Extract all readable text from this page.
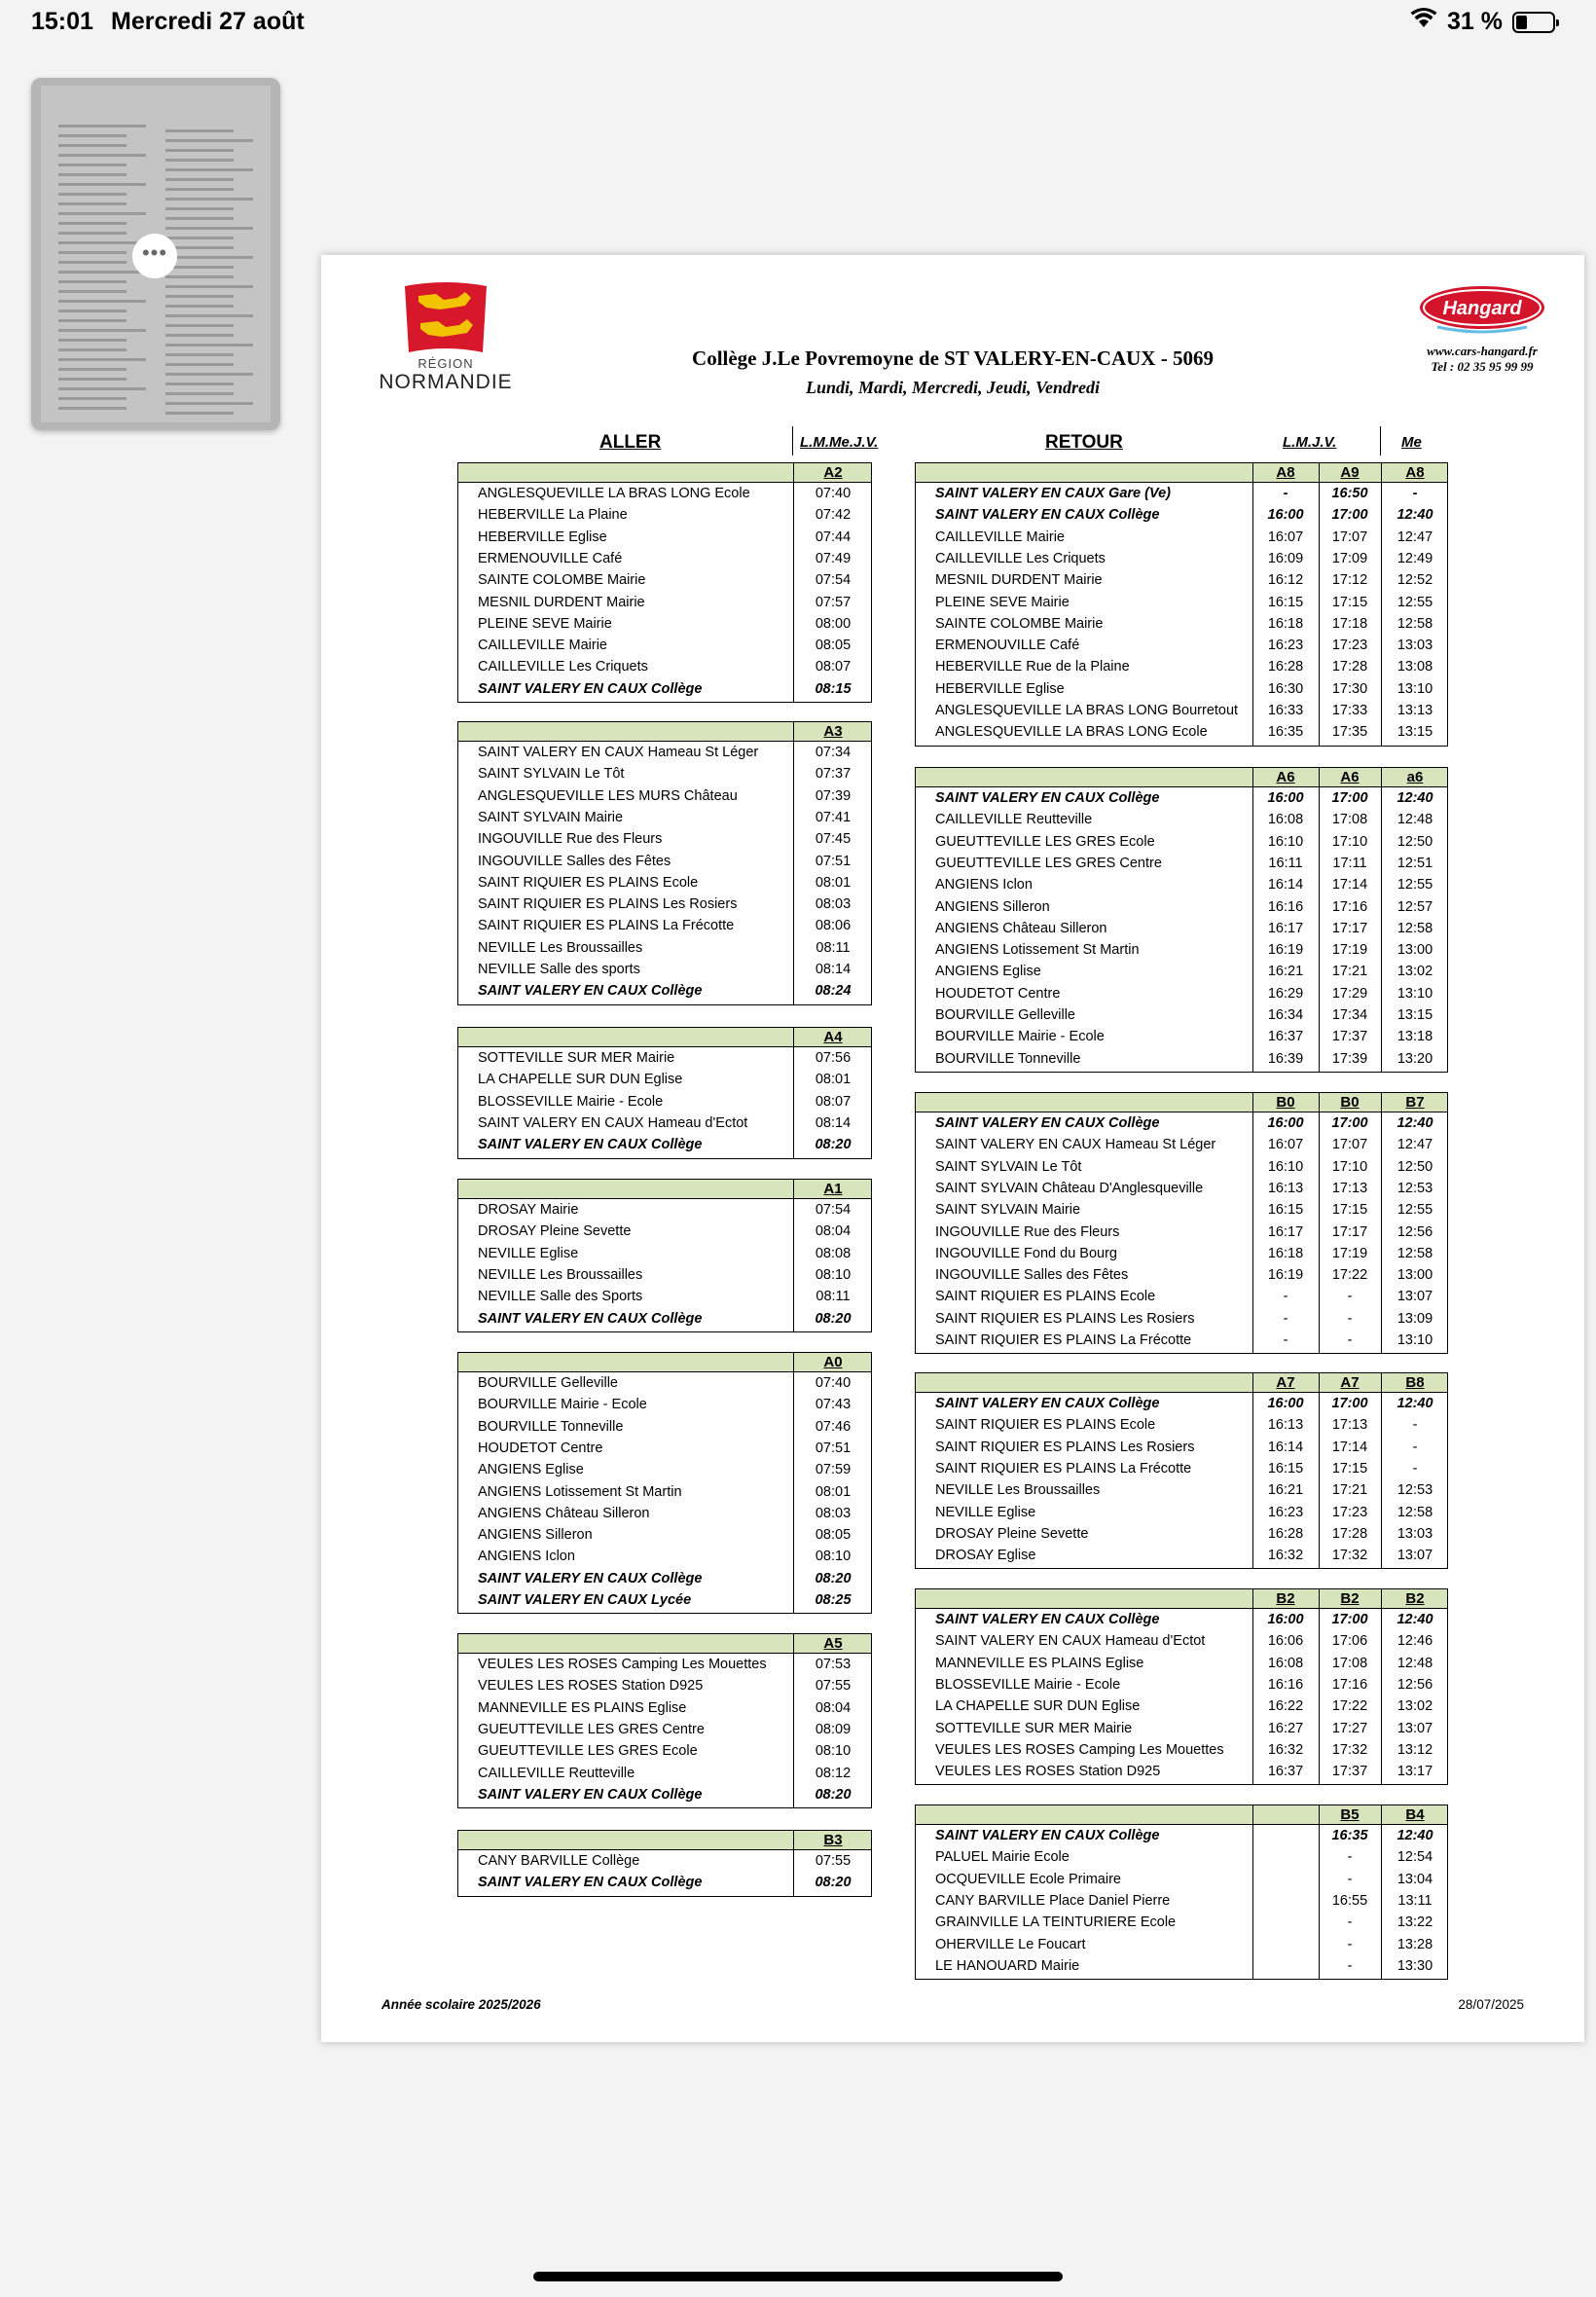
15:01 Mercredi 27 août	31 %
•••
RÉGION
NORMANDIE
Collège J.Le Povremoyne de ST VALERY-EN-CAUX - 5069
Lundi, Mardi, Mercredi, Jeudi, Vendredi
Hangard
www.cars-hangard.fr
Tel : 02 35 95 99 99
ALLER	L.M.Me.J.V.	RETOUR	L.M.J.V.	Me
A2
ANGLESQUEVILLE LA BRAS LONG Ecole	07:40
HEBERVILLE La Plaine	07:42
HEBERVILLE Eglise	07:44
ERMENOUVILLE Café	07:49
SAINTE COLOMBE Mairie	07:54
MESNIL DURDENT Mairie	07:57
PLEINE SEVE Mairie	08:00
CAILLEVILLE Mairie	08:05
CAILLEVILLE Les Criquets	08:07
SAINT VALERY EN CAUX Collège	08:15
A3
SAINT VALERY EN CAUX Hameau St Léger	07:34
SAINT SYLVAIN Le Tôt	07:37
ANGLESQUEVILLE LES MURS Château	07:39
SAINT SYLVAIN Mairie	07:41
INGOUVILLE Rue des Fleurs	07:45
INGOUVILLE Salles des Fêtes	07:51
SAINT RIQUIER ES PLAINS Ecole	08:01
SAINT RIQUIER ES PLAINS Les Rosiers	08:03
SAINT RIQUIER ES PLAINS La Frécotte	08:06
NEVILLE Les Broussailles	08:11
NEVILLE Salle des sports	08:14
SAINT VALERY EN CAUX Collège	08:24
A4
SOTTEVILLE SUR MER Mairie	07:56
LA CHAPELLE SUR DUN Eglise	08:01
BLOSSEVILLE Mairie - Ecole	08:07
SAINT VALERY EN CAUX Hameau d'Ectot	08:14
SAINT VALERY EN CAUX Collège	08:20
A1
DROSAY Mairie	07:54
DROSAY Pleine Sevette	08:04
NEVILLE Eglise	08:08
NEVILLE Les Broussailles	08:10
NEVILLE Salle des Sports	08:11
SAINT VALERY EN CAUX Collège	08:20
A0
BOURVILLE Gelleville	07:40
BOURVILLE Mairie - Ecole	07:43
BOURVILLE Tonneville	07:46
HOUDETOT Centre	07:51
ANGIENS Eglise	07:59
ANGIENS Lotissement St Martin	08:01
ANGIENS Château Silleron	08:03
ANGIENS Silleron	08:05
ANGIENS Iclon	08:10
SAINT VALERY EN CAUX Collège	08:20
SAINT VALERY EN CAUX Lycée	08:25
A5
VEULES LES ROSES Camping Les Mouettes	07:53
VEULES LES ROSES Station D925	07:55
MANNEVILLE ES PLAINS Eglise	08:04
GUEUTTEVILLE LES GRES Centre	08:09
GUEUTTEVILLE LES GRES Ecole	08:10
CAILLEVILLE Reutteville	08:12
SAINT VALERY EN CAUX Collège	08:20
B3
CANY BARVILLE Collège	07:55
SAINT VALERY EN CAUX Collège	08:20
A8	A9	A8
SAINT VALERY EN CAUX Gare (Ve)	-	16:50	-
SAINT VALERY EN CAUX Collège	16:00	17:00	12:40
CAILLEVILLE Mairie	16:07	17:07	12:47
CAILLEVILLE Les Criquets	16:09	17:09	12:49
MESNIL DURDENT Mairie	16:12	17:12	12:52
PLEINE SEVE Mairie	16:15	17:15	12:55
SAINTE COLOMBE Mairie	16:18	17:18	12:58
ERMENOUVILLE Café	16:23	17:23	13:03
HEBERVILLE Rue de la Plaine	16:28	17:28	13:08
HEBERVILLE Eglise	16:30	17:30	13:10
ANGLESQUEVILLE LA BRAS LONG Bourretout	16:33	17:33	13:13
ANGLESQUEVILLE LA BRAS LONG Ecole	16:35	17:35	13:15
A6	A6	a6
SAINT VALERY EN CAUX Collège	16:00	17:00	12:40
CAILLEVILLE Reutteville	16:08	17:08	12:48
GUEUTTEVILLE LES GRES Ecole	16:10	17:10	12:50
GUEUTTEVILLE LES GRES Centre	16:11	17:11	12:51
ANGIENS Iclon	16:14	17:14	12:55
ANGIENS Silleron	16:16	17:16	12:57
ANGIENS Château Silleron	16:17	17:17	12:58
ANGIENS Lotissement St Martin	16:19	17:19	13:00
ANGIENS Eglise	16:21	17:21	13:02
HOUDETOT Centre	16:29	17:29	13:10
BOURVILLE Gelleville	16:34	17:34	13:15
BOURVILLE Mairie - Ecole	16:37	17:37	13:18
BOURVILLE Tonneville	16:39	17:39	13:20
B0	B0	B7
SAINT VALERY EN CAUX Collège	16:00	17:00	12:40
SAINT VALERY EN CAUX Hameau St Léger	16:07	17:07	12:47
SAINT SYLVAIN Le Tôt	16:10	17:10	12:50
SAINT SYLVAIN Château D'Anglesqueville	16:13	17:13	12:53
SAINT SYLVAIN Mairie	16:15	17:15	12:55
INGOUVILLE Rue des Fleurs	16:17	17:17	12:56
INGOUVILLE Fond du Bourg	16:18	17:19	12:58
INGOUVILLE Salles des Fêtes	16:19	17:22	13:00
SAINT RIQUIER ES PLAINS Ecole	-	-	13:07
SAINT RIQUIER ES PLAINS Les Rosiers	-	-	13:09
SAINT RIQUIER ES PLAINS La Frécotte	-	-	13:10
A7	A7	B8
SAINT VALERY EN CAUX Collège	16:00	17:00	12:40
SAINT RIQUIER ES PLAINS Ecole	16:13	17:13	-
SAINT RIQUIER ES PLAINS Les Rosiers	16:14	17:14	-
SAINT RIQUIER ES PLAINS La Frécotte	16:15	17:15	-
NEVILLE Les Broussailles	16:21	17:21	12:53
NEVILLE Eglise	16:23	17:23	12:58
DROSAY Pleine Sevette	16:28	17:28	13:03
DROSAY Eglise	16:32	17:32	13:07
B2	B2	B2
SAINT VALERY EN CAUX Collège	16:00	17:00	12:40
SAINT VALERY EN CAUX Hameau d'Ectot	16:06	17:06	12:46
MANNEVILLE ES PLAINS Eglise	16:08	17:08	12:48
BLOSSEVILLE Mairie - Ecole	16:16	17:16	12:56
LA CHAPELLE SUR DUN Eglise	16:22	17:22	13:02
SOTTEVILLE SUR MER Mairie	16:27	17:27	13:07
VEULES LES ROSES Camping Les Mouettes	16:32	17:32	13:12
VEULES LES ROSES Station D925	16:37	17:37	13:17
B5	B4
SAINT VALERY EN CAUX Collège	16:35	12:40
PALUEL Mairie Ecole	-	12:54
OCQUEVILLE Ecole Primaire	-	13:04
CANY BARVILLE Place Daniel Pierre	16:55	13:11
GRAINVILLE LA TEINTURIERE Ecole	-	13:22
OHERVILLE Le Foucart	-	13:28
LE HANOUARD Mairie	-	13:30
Année scolaire 2025/2026	28/07/2025
